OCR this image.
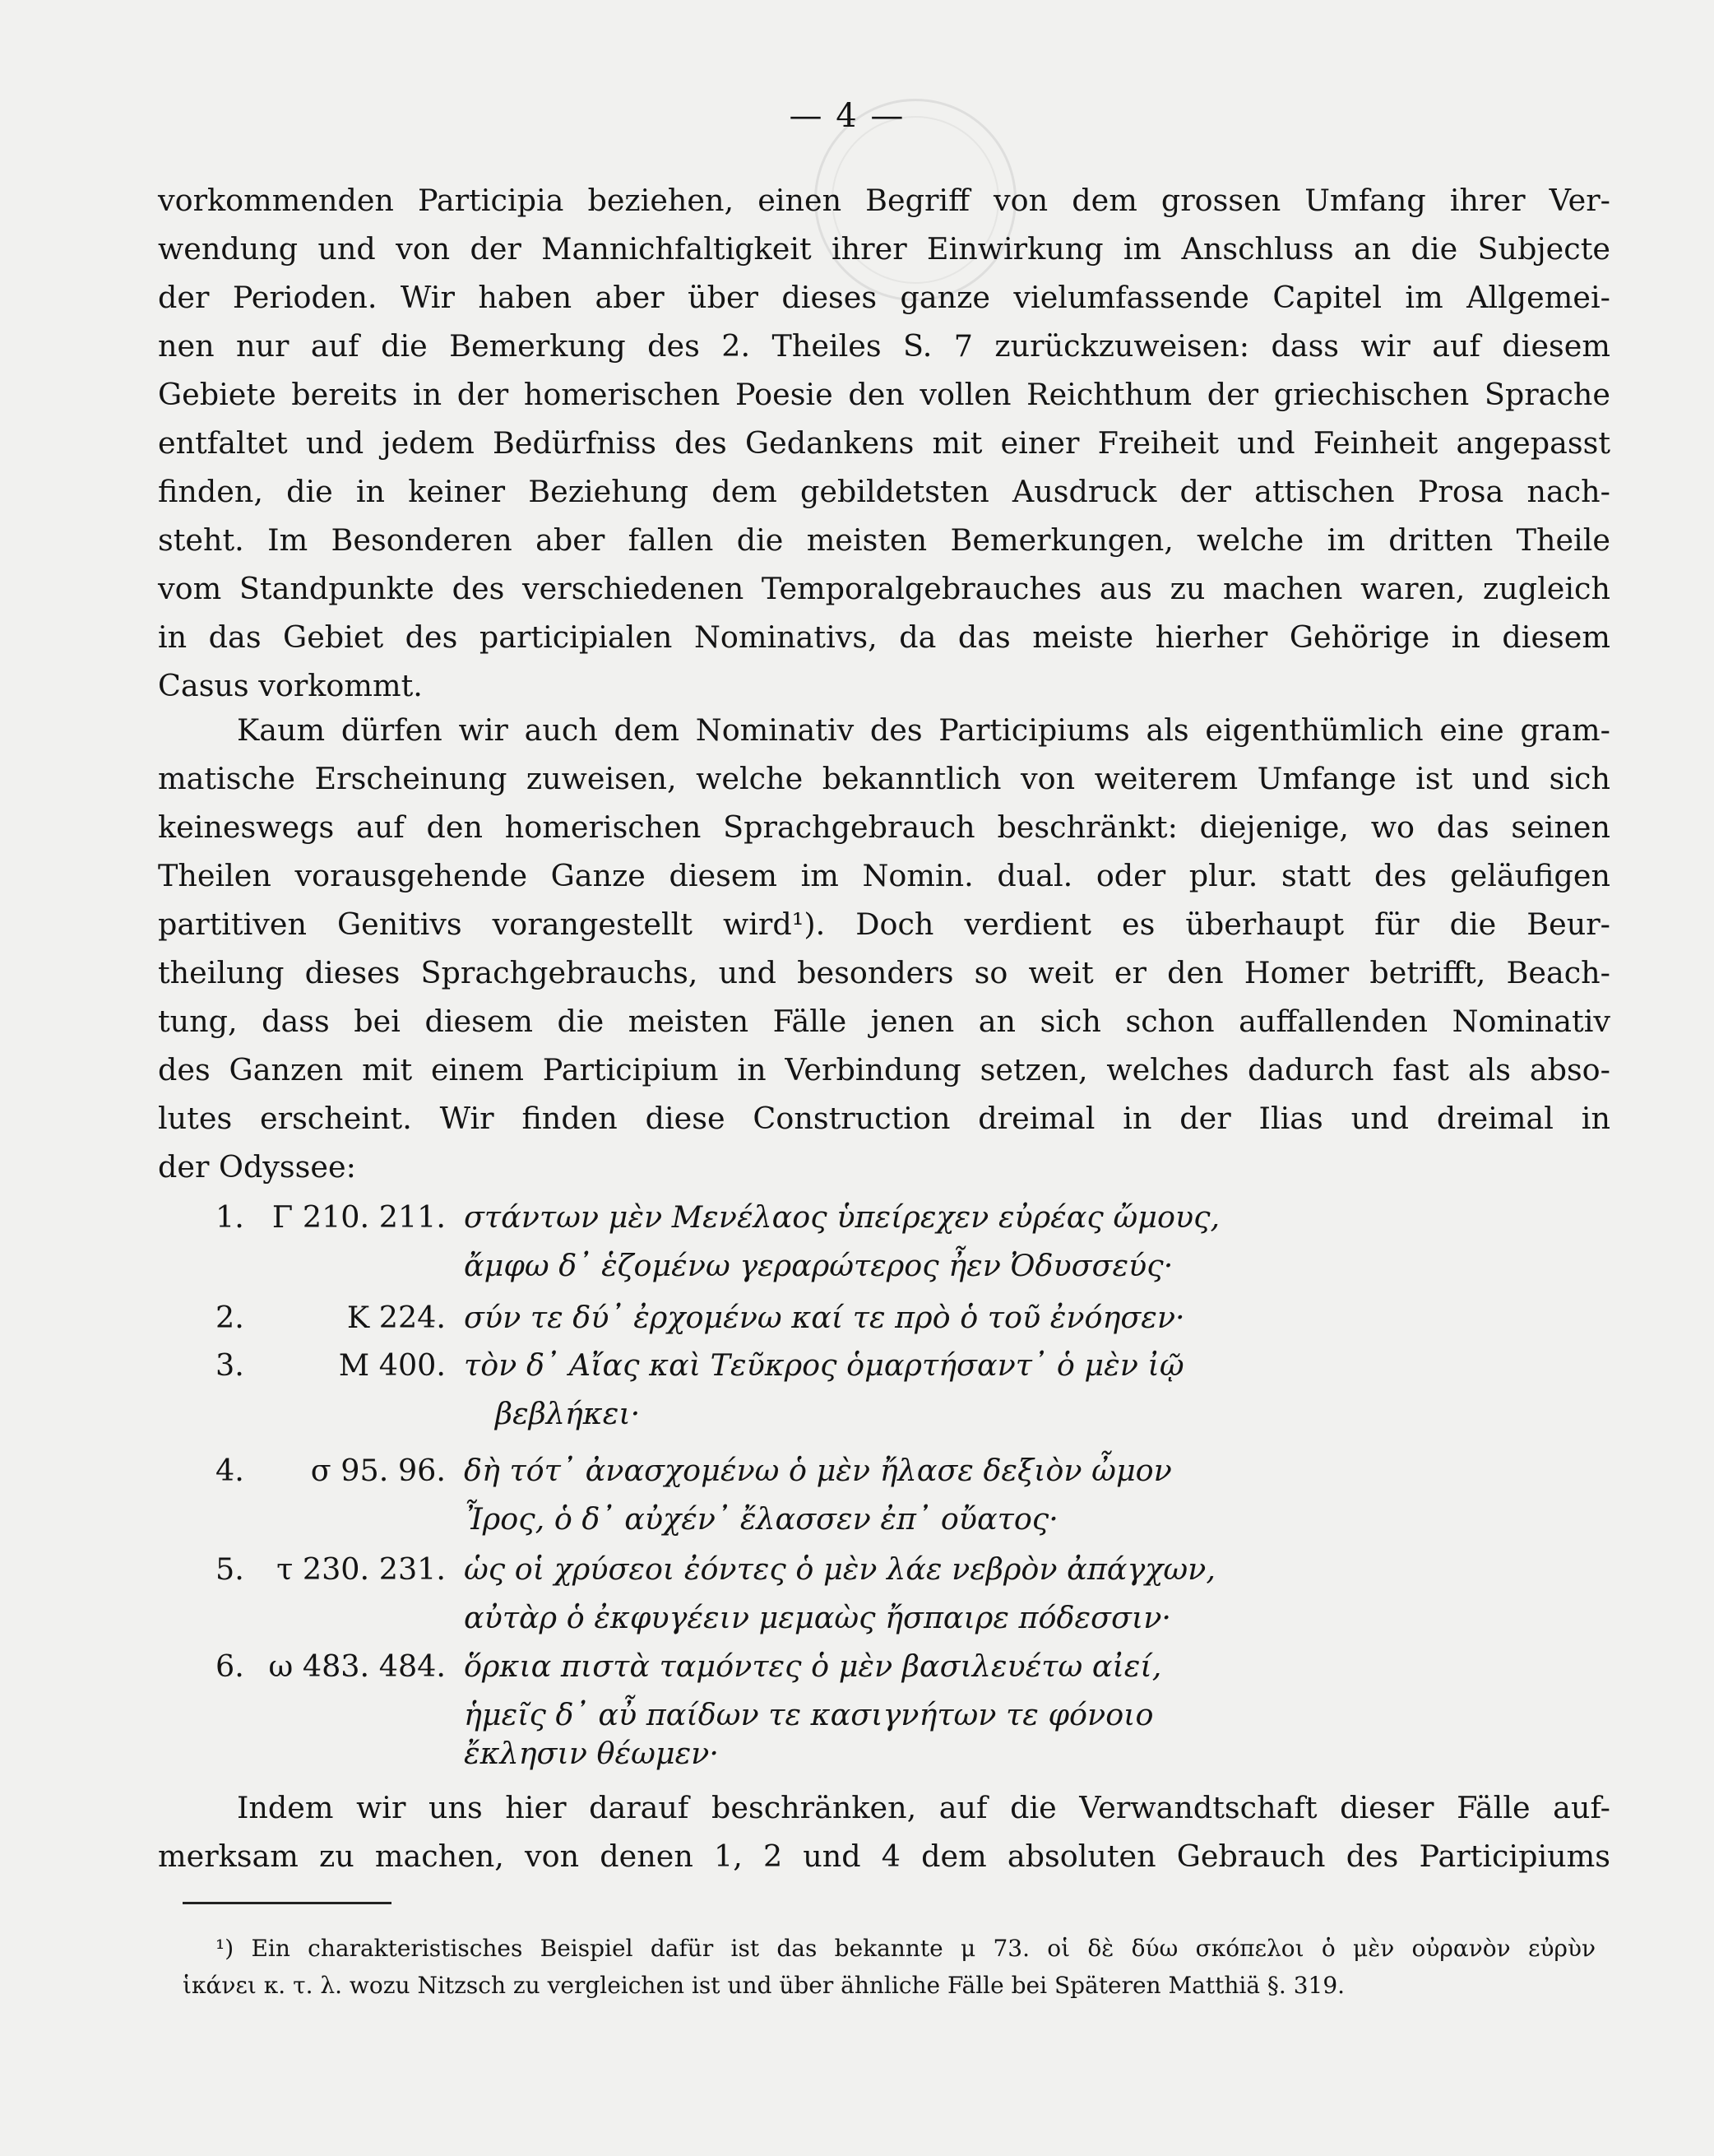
— 4 —
vorkommenden Participia beziehen, einen Begriff von dem grossen Umfang ihrer Ver-
wendung und von der Mannichfaltigkeit ihrer Einwirkung im Anschluss an die Subjecte
der Perioden. Wir haben aber über dieses ganze vielumfassende Capitel im Allgemei-
nen nur auf die Bemerkung des 2. Theiles S. 7 zurückzuweisen: dass wir auf diesem
Gebiete bereits in der homerischen Poesie den vollen Reichthum der griechischen Sprache
entfaltet und jedem Bedürfniss des Gedankens mit einer Freiheit und Feinheit angepasst
finden, die in keiner Beziehung dem gebildetsten Ausdruck der attischen Prosa nach-
steht. Im Besonderen aber fallen die meisten Bemerkungen, welche im dritten Theile
vom Standpunkte des verschiedenen Temporalgebrauches aus zu machen waren, zugleich
in das Gebiet des participialen Nominativs, da das meiste hierher Gehörige in diesem
Casus vorkommt.
Kaum dürfen wir auch dem Nominativ des Participiums als eigenthümlich eine gram-
matische Erscheinung zuweisen, welche bekanntlich von weiterem Umfange ist und sich
keineswegs auf den homerischen Sprachgebrauch beschränkt: diejenige, wo das seinen
Theilen vorausgehende Ganze diesem im Nomin. dual. oder plur. statt des geläufigen
partitiven Genitivs vorangestellt wird¹). Doch verdient es überhaupt für die Beur-
theilung dieses Sprachgebrauchs, und besonders so weit er den Homer betrifft, Beach-
tung, dass bei diesem die meisten Fälle jenen an sich schon auffallenden Nominativ
des Ganzen mit einem Participium in Verbindung setzen, welches dadurch fast als abso-
lutes erscheint. Wir finden diese Construction dreimal in der Ilias und dreimal in
der Odyssee:
1. Γ 210. 211. στάντων μὲν Μενέλαος ὑπείρεχεν εὐρέας ὤμους,
ἄμφω δ᾽ ἑζομένω γεραρώτερος ἦεν Ὀδυσσεύς·
2.	Κ 224. σύν τε δύ᾽ ἐρχομένω καί τε πρὸ ὁ τοῦ ἐνόησεν·
3.	Μ 400. τὸν δ᾽ Αἴας καὶ Τεῦκρος ὁμαρτήσαντ᾽ ὁ μὲν ἰῷ
βεβλήκει·
4. σ 95. 96. δὴ τότ᾽ ἀνασχομένω ὁ μὲν ἤλασε δεξιὸν ὦμον
Ἶρος, ὁ δ᾽ αὐχέν᾽ ἔλασσεν ἐπ᾽ οὔατος·
5. τ 230. 231. ὡς οἱ χρύσεοι ἐόντες ὁ μὲν λάε νεβρὸν ἀπάγχων,
αὐτὰρ ὁ ἐκφυγέειν μεμαὼς ἤσπαιρε πόδεσσιν·
6. ω 483. 484. ὅρκια πιστὰ ταμόντες ὁ μὲν βασιλευέτω αἰεί,
ἡμεῖς δ᾽ αὖ παίδων τε κασιγνήτων τε φόνοιο
ἔκλησιν θέωμεν·
Indem wir uns hier darauf beschränken, auf die Verwandtschaft dieser Fälle auf-
merksam zu machen, von denen 1, 2 und 4 dem absoluten Gebrauch des Participiums
¹) Ein charakteristisches Beispiel dafür ist das bekannte μ 73. οἱ δὲ δύω σκόπελοι ὁ μὲν οὐρανὸν εὐρὺν
ἱκάνει κ. τ. λ. wozu Nitzsch zu vergleichen ist und über ähnliche Fälle bei Späteren Matthiä §. 319.
